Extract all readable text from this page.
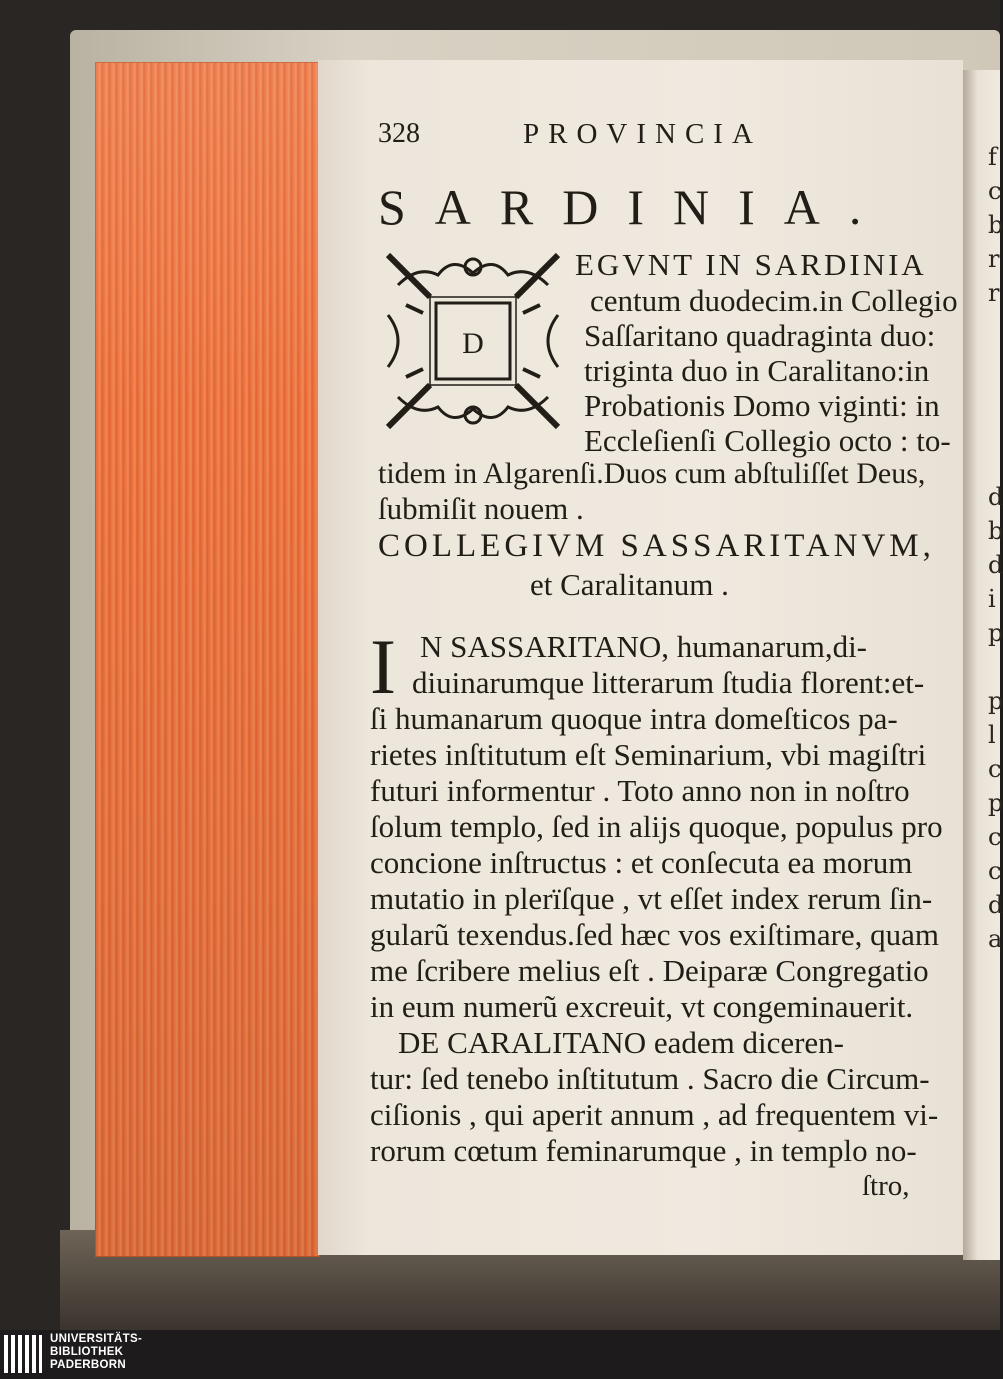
f
c
b
r
r

d
b
d
i
p

p
l
c
p
c
c
d
a
328	PROVINCIA
SARDINIA.
D
EGVNT IN SARDINIA
centum duodecim.in Collegio
Saſſaritano quadraginta duo:
triginta duo in Caralitano:in
Probationis Domo viginti: in
Eccleſienſi Collegio octo : to-
tidem in Algarenſi.Duos cum abſtuliſſet Deus,
ſubmiſit nouem .
COLLEGIVM SASSARITANVM,
et Caralitanum .
I N SASSARITANO, humanarum,di-
diuinarumque litterarum ſtudia florent:et-
ſi humanarum quoque intra domeſticos pa-
rietes inſtitutum eſt Seminarium, vbi magiſtri
futuri informentur . Toto anno non in noſtro
ſolum templo, ſed in alijs quoque, populus pro
concione inſtructus : et conſecuta ea morum
mutatio in plerïſque , vt eſſet index rerum ſin-
gularũ texendus.ſed hæc vos exiſtimare, quam
me ſcribere melius eſt . Deiparæ Congregatio
in eum numerũ excreuit, vt congeminauerit.
DE CARALITANO eadem diceren-
tur: ſed tenebo inſtitutum . Sacro die Circum-
ciſionis , qui aperit annum , ad frequentem vi-
rorum cœtum feminarumque , in templo no-
ſtro,
UNIVERSITÄTS-
BIBLIOTHEK
PADERBORN
